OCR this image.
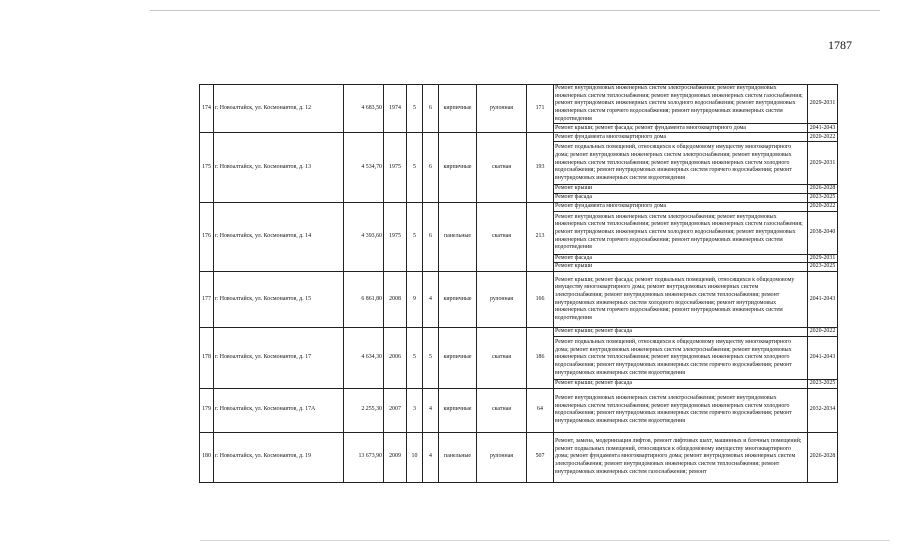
1787
174	г. Новоалтайск, ул. Космонавтов, д. 12	4 683,50	1974	5	6	кирпичные	рулонная	171	Ремонт внутридомовых инженерных систем электроснабжения; ремонт внутридомовых инженерных систем теплоснабжения; ремонт внутридомовых инженерных систем газоснабжения; ремонт внутридомовых инженерных систем холодного водоснабжения; ремонт внутридомовых инженерных систем горячего водоснабжения; ремонт внутридомовых инженерных систем водоотведения	2029-2031
									Ремонт крыши; ремонт фасада; ремонт фундамента многоквартирного дома	2041-2043
175	г. Новоалтайск, ул. Космонавтов, д. 13	4 534,70	1975	5	6	кирпичные	скатная	193	Ремонт фундамента многоквартирного дома	2020-2022
									Ремонт подвальных помещений, относящихся к общедомовому имуществу многоквартирного дома; ремонт внутридомовых инженерных систем электроснабжения; ремонт внутридомовых инженерных систем теплоснабжения; ремонт внутридомовых инженерных систем холодного водоснабжения; ремонт внутридомовых инженерных систем горячего водоснабжения; ремонт внутридомовых инженерных систем водоотведения	2029-2031
									Ремонт крыши	2026-2028
									Ремонт фасада	2023-2025
176	г. Новоалтайск, ул. Космонавтов, д. 14	4 393,60	1975	5	6	панельные	скатная	213	Ремонт фундамента многоквартирного дома	2020-2022
									Ремонт внутридомовых инженерных систем электроснабжения; ремонт внутридомовых инженерных систем теплоснабжения; ремонт внутридомовых инженерных систем газоснабжения; ремонт внутридомовых инженерных систем холодного водоснабжения; ремонт внутридомовых инженерных систем горячего водоснабжения; ремонт внутридомовых инженерных систем водоотведения	2038-2040
									Ремонт фасада	2029-2031
									Ремонт крыши	2023-2025
177	г. Новоалтайск, ул. Космонавтов, д. 15	6 861,80	2008	9	4	кирпичные	рулонная	166	Ремонт крыши; ремонт фасада; ремонт подвальных помещений, относящихся к общедомовому имуществу многоквартирного дома; ремонт внутридомовых инженерных систем электроснабжения; ремонт внутридомовых инженерных систем теплоснабжения; ремонт внутридомовых инженерных систем холодного водоснабжения; ремонт внутридомовых инженерных систем горячего водоснабжения; ремонт внутридомовых инженерных систем водоотведения	2041-2043
178	г. Новоалтайск, ул. Космонавтов, д. 17	4 634,30	2006	5	5	кирпичные	скатная	186	Ремонт крыши; ремонт фасада	2020-2022
									Ремонт подвальных помещений, относящихся к общедомовому имуществу многоквартирного дома; ремонт внутридомовых инженерных систем электроснабжения; ремонт внутридомовых инженерных систем теплоснабжения; ремонт внутридомовых инженерных систем холодного водоснабжения; ремонт внутридомовых инженерных систем горячего водоснабжения; ремонт внутридомовых инженерных систем водоотведения	2041-2043
									Ремонт крыши; ремонт фасада	2023-2025
179	г. Новоалтайск, ул. Космонавтов, д. 17А	2 255,30	2007	3	4	кирпичные	скатная	64	Ремонт внутридомовых инженерных систем электроснабжения; ремонт внутридомовых инженерных систем теплоснабжения; ремонт внутридомовых инженерных систем холодного водоснабжения; ремонт внутридомовых инженерных систем горячего водоснабжения; ремонт внутридомовых инженерных систем водоотведения	2032-2034
180	г. Новоалтайск, ул. Космонавтов, д. 19	13 673,90	2009	10	4	панельные	рулонная	507	Ремонт, замена, модернизация лифтов, ремонт лифтовых шахт, машинных и блочных помещений; ремонт подвальных помещений, относящихся к общедомовому имуществу многоквартирного дома; ремонт фундамента многоквартирного дома; ремонт внутридомовых инженерных систем электроснабжения; ремонт внутридомовых инженерных систем теплоснабжения; ремонт внутридомовых инженерных систем газоснабжения; ремонт	2026-2028
